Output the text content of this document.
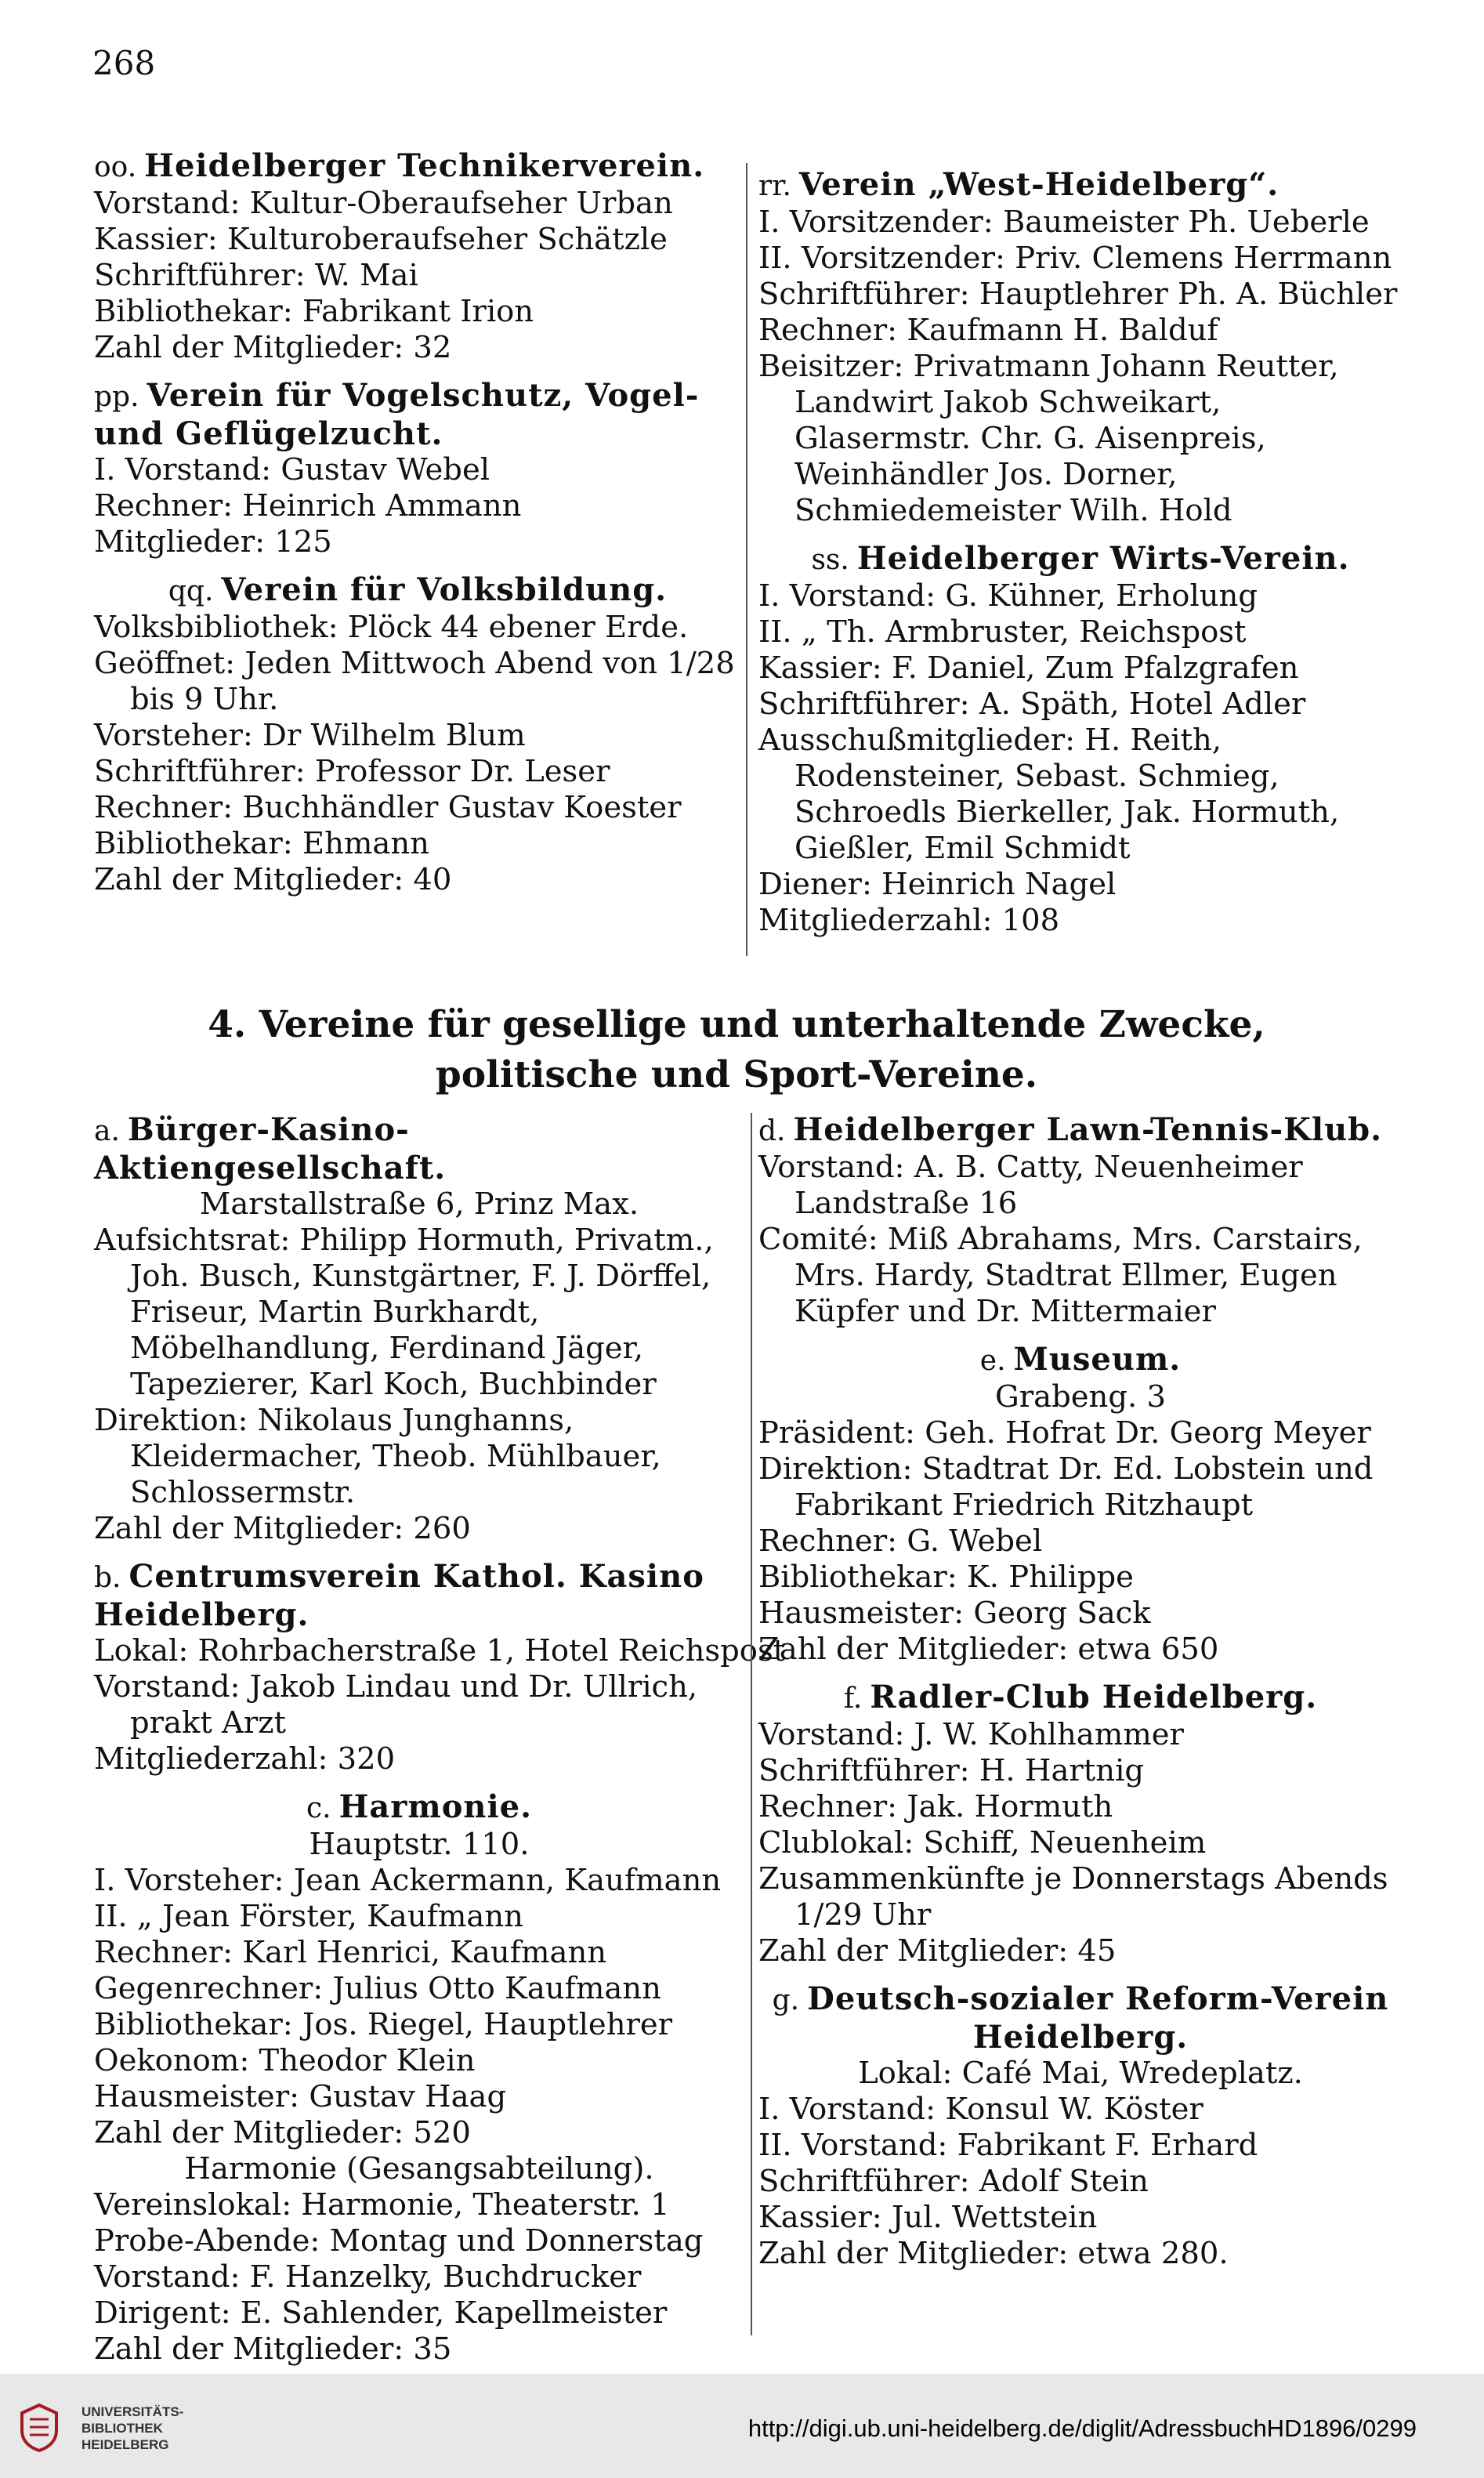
268
oo. Heidelberger Technikerverein.
Vorstand: Kultur-Oberaufseher Urban
Kassier: Kulturoberaufseher Schätzle
Schriftführer: W. Mai
Bibliothekar: Fabrikant Irion
Zahl der Mitglieder: 32
pp. Verein für Vogelschutz, Vogel- und Geflügelzucht.
I. Vorstand: Gustav Webel
Rechner: Heinrich Ammann
Mitglieder: 125
qq. Verein für Volksbildung.
Volksbibliothek: Plöck 44 ebener Erde.
Geöffnet: Jeden Mittwoch Abend von 1/28 bis 9 Uhr.
Vorsteher: Dr Wilhelm Blum
Schriftführer: Professor Dr. Leser
Rechner: Buchhändler Gustav Koester
Bibliothekar: Ehmann
Zahl der Mitglieder: 40
rr. Verein „West-Heidelberg“.
I. Vorsitzender: Baumeister Ph. Ueberle
II. Vorsitzender: Priv. Clemens Herrmann
Schriftführer: Hauptlehrer Ph. A. Büchler
Rechner: Kaufmann H. Balduf
Beisitzer: Privatmann Johann Reutter, Landwirt Jakob Schweikart, Glasermstr. Chr. G. Aisenpreis, Weinhändler Jos. Dorner, Schmiedemeister Wilh. Hold
ss. Heidelberger Wirts-Verein.
I. Vorstand: G. Kühner, Erholung
II. „ Th. Armbruster, Reichspost
Kassier: F. Daniel, Zum Pfalzgrafen
Schriftführer: A. Späth, Hotel Adler
Ausschußmitglieder: H. Reith, Rodensteiner, Sebast. Schmieg, Schroedls Bierkeller, Jak. Hormuth, Gießler, Emil Schmidt
Diener: Heinrich Nagel
Mitgliederzahl: 108
4. Vereine für gesellige und unterhaltende Zwecke, politische und Sport-Vereine.
a. Bürger-Kasino-Aktiengesellschaft.
Marstallstraße 6, Prinz Max.
Aufsichtsrat: Philipp Hormuth, Privatm., Joh. Busch, Kunstgärtner, F. J. Dörffel, Friseur, Martin Burkhardt, Möbelhandlung, Ferdinand Jäger, Tapezierer, Karl Koch, Buchbinder
Direktion: Nikolaus Junghanns, Kleidermacher, Theob. Mühlbauer, Schlossermstr.
Zahl der Mitglieder: 260
b. Centrumsverein Kathol. Kasino Heidelberg.
Lokal: Rohrbacherstraße 1, Hotel Reichspost
Vorstand: Jakob Lindau und Dr. Ullrich, prakt Arzt
Mitgliederzahl: 320
c. Harmonie.
Hauptstr. 110.
I. Vorsteher: Jean Ackermann, Kaufmann
II. „ Jean Förster, Kaufmann
Rechner: Karl Henrici, Kaufmann
Gegenrechner: Julius Otto Kaufmann
Bibliothekar: Jos. Riegel, Hauptlehrer
Oekonom: Theodor Klein
Hausmeister: Gustav Haag
Zahl der Mitglieder: 520
Harmonie (Gesangsabteilung).
Vereinslokal: Harmonie, Theaterstr. 1
Probe-Abende: Montag und Donnerstag
Vorstand: F. Hanzelky, Buchdrucker
Dirigent: E. Sahlender, Kapellmeister
Zahl der Mitglieder: 35
d. Heidelberger Lawn-Tennis-Klub.
Vorstand: A. B. Catty, Neuenheimer Landstraße 16
Comité: Miß Abrahams, Mrs. Carstairs, Mrs. Hardy, Stadtrat Ellmer, Eugen Küpfer und Dr. Mittermaier
e. Museum.
Grabeng. 3
Präsident: Geh. Hofrat Dr. Georg Meyer
Direktion: Stadtrat Dr. Ed. Lobstein und Fabrikant Friedrich Ritzhaupt
Rechner: G. Webel
Bibliothekar: K. Philippe
Hausmeister: Georg Sack
Zahl der Mitglieder: etwa 650
f. Radler-Club Heidelberg.
Vorstand: J. W. Kohlhammer
Schriftführer: H. Hartnig
Rechner: Jak. Hormuth
Clublokal: Schiff, Neuenheim
Zusammenkünfte je Donnerstags Abends 1/29 Uhr
Zahl der Mitglieder: 45
g. Deutsch-sozialer Reform-Verein Heidelberg.
Lokal: Café Mai, Wredeplatz.
I. Vorstand: Konsul W. Köster
II. Vorstand: Fabrikant F. Erhard
Schriftführer: Adolf Stein
Kassier: Jul. Wettstein
Zahl der Mitglieder: etwa 280.
UNIVERSITÄTS-
BIBLIOTHEK
HEIDELBERG
http://digi.ub.uni-heidelberg.de/diglit/AdressbuchHD1896/0299
